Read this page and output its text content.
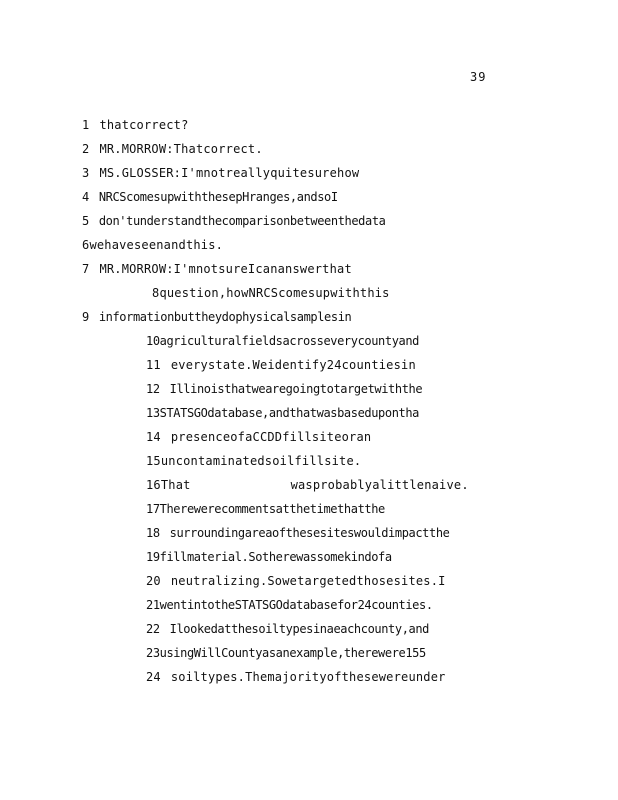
39
1 thatcorrect?
2 MR.MORROW:Thatcorrect.
3 MS.GLOSSER:I'mnotreallyquitesurehow
4 NRCScomesupwiththesepHranges,andsoI
5 don'tunderstandthecomparisonbetweenthedata
6wehaveseenandthis.
7 MR.MORROW:I'mnotsureIcananswerthat
8question,howNRCScomesupwiththis
9 informationbuttheydophysicalsamplesin
10agriculturalfieldsacrosseverycountyand
11 everystate.Weidentify24countiesin
12 Illinoisthatwearegoingtotargetwiththe
13STATSGOdatabase,andthatwasbasedupontha
14 presenceofaCCDDfillsiteoran
15uncontaminatedsoilfillsite.
16That	wasprobablyalittlenaive.
17Therewerecommentsatthetimethatthe
18 surroundingareaofthesesiteswouldimpactthe
19fillmaterial.Sotherewassomekindofa
20 neutralizing.Sowetargetedthosesites.I
21wentintotheSTATSGOdatabasefor24counties.
22 Ilookedatthesoiltypesinaeachcounty,and
23usingWillCountyasanexample,therewere155
24 soiltypes.Themajorityofthesewereunder
